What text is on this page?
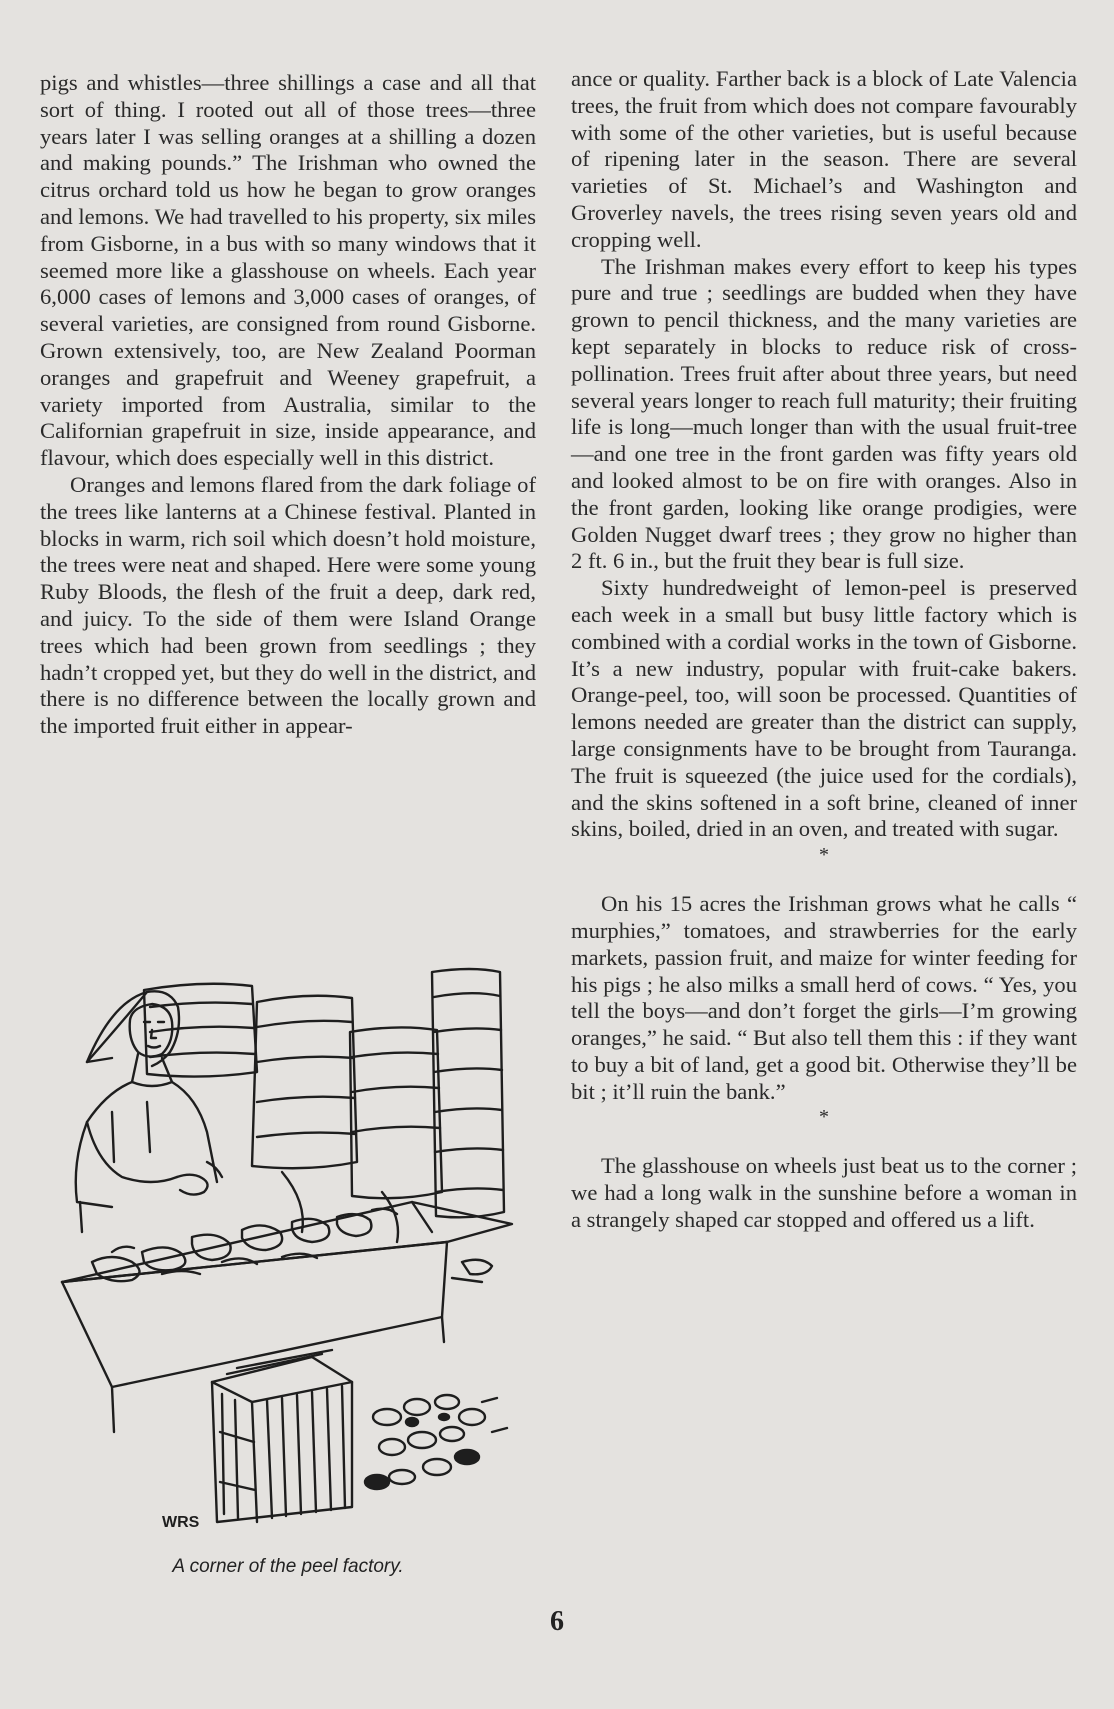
pigs and whistles—three shillings a case and all that sort of thing. I rooted out all of those trees—three years later I was selling oranges at a shilling a dozen and making pounds.” The Irishman who owned the citrus orchard told us how he began to grow oranges and lemons. We had travelled to his property, six miles from Gisborne, in a bus with so many windows that it seemed more like a glasshouse on wheels. Each year 6,000 cases of lemons and 3,000 cases of oranges, of several varieties, are consigned from round Gisborne. Grown extensively, too, are New Zealand Poorman oranges and grapefruit and Weeney grapefruit, a variety imported from Australia, similar to the Californian grapefruit in size, inside appearance, and flavour, which does especially well in this district.

Oranges and lemons flared from the dark foliage of the trees like lanterns at a Chinese festival. Planted in blocks in warm, rich soil which doesn’t hold moisture, the trees were neat and shaped. Here were some young Ruby Bloods, the flesh of the fruit a deep, dark red, and juicy. To the side of them were Island Orange trees which had been grown from seedlings ; they hadn’t cropped yet, but they do well in the district, and there is no difference between the locally grown and the imported fruit either in appear-

ance or quality. Farther back is a block of Late Valencia trees, the fruit from which does not compare favourably with some of the other varieties, but is useful because of ripening later in the season. There are several varieties of St. Michael’s and Washington and Groverley navels, the trees rising seven years old and cropping well.

The Irishman makes every effort to keep his types pure and true ; seedlings are budded when they have grown to pencil thickness, and the many varieties are kept separately in blocks to reduce risk of cross-pollination. Trees fruit after about three years, but need several years longer to reach full maturity; their fruiting life is long—much longer than with the usual fruit-tree—and one tree in the front garden was fifty years old and looked almost to be on fire with oranges. Also in the front garden, looking like orange prodigies, were Golden Nugget dwarf trees ; they grow no higher than 2 ft. 6 in., but the fruit they bear is full size.

Sixty hundredweight of lemon-peel is preserved each week in a small but busy little factory which is combined with a cordial works in the town of Gisborne. It’s a new industry, popular with fruit-cake bakers. Orange-peel, too, will soon be processed. Quantities of lemons needed are greater than the district can supply, large consignments have to be brought from Tauranga. The fruit is squeezed (the juice used for the cordials), and the skins softened in a soft brine, cleaned of inner skins, boiled, dried in an oven, and treated with sugar.

*

On his 15 acres the Irishman grows what he calls “ murphies,” tomatoes, and strawberries for the early markets, passion fruit, and maize for winter feeding for his pigs ; he also milks a small herd of cows. “ Yes, you tell the boys—and don’t forget the girls—I’m growing oranges,” he said. “ But also tell them this : if they want to buy a bit of land, get a good bit. Otherwise they’ll be bit ; it’ll ruin the bank.”

*

The glasshouse on wheels just beat us to the corner ; we had a long walk in the sunshine before a woman in a strangely shaped car stopped and offered us a lift.

WRS
A corner of the peel factory.
6
